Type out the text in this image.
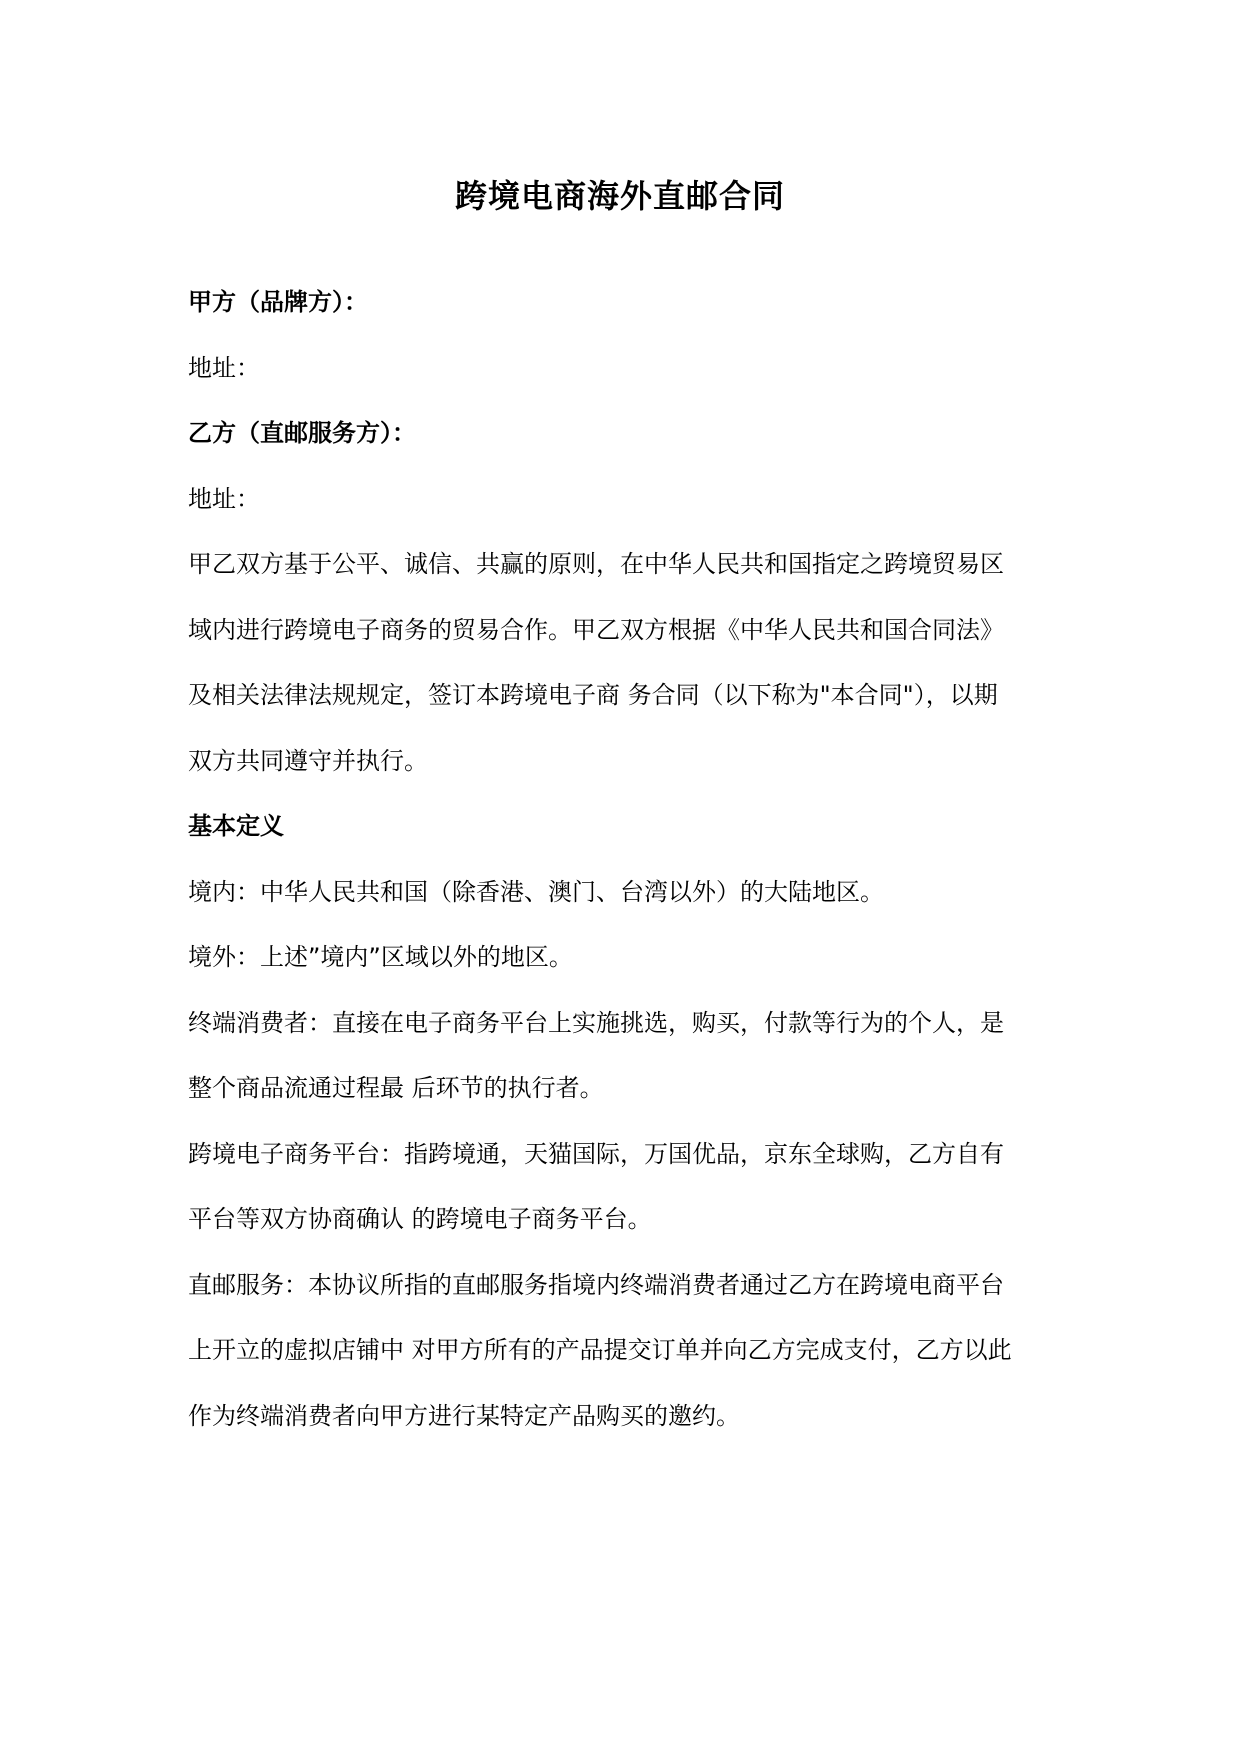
跨境电商海外直邮合同
甲方（品牌方）：
地址：
乙方（直邮服务方）：
地址：
甲乙双方基于公平、诚信、共赢的原则，在中华人民共和国指定之跨境贸易区
域内进行跨境电子商务的贸易合作。甲乙双方根据《中华人民共和国合同法》
及相关法律法规规定，签订本跨境电子商 务合同（以下称为"本合同"），以期
双方共同遵守并执行。
基本定义
境内：中华人民共和国（除香港、澳门、台湾以外）的大陆地区。
境外：上述”境内”区域以外的地区。
终端消费者：直接在电子商务平台上实施挑选，购买，付款等行为的个人，是
整个商品流通过程最 后环节的执行者。
跨境电子商务平台：指跨境通，天猫国际，万国优品，京东全球购，乙方自有
平台等双方协商确认 的跨境电子商务平台。
直邮服务：本协议所指的直邮服务指境内终端消费者通过乙方在跨境电商平台
上开立的虚拟店铺中 对甲方所有的产品提交订单并向乙方完成支付，乙方以此
作为终端消费者向甲方进行某特定产品购买的邀约。
